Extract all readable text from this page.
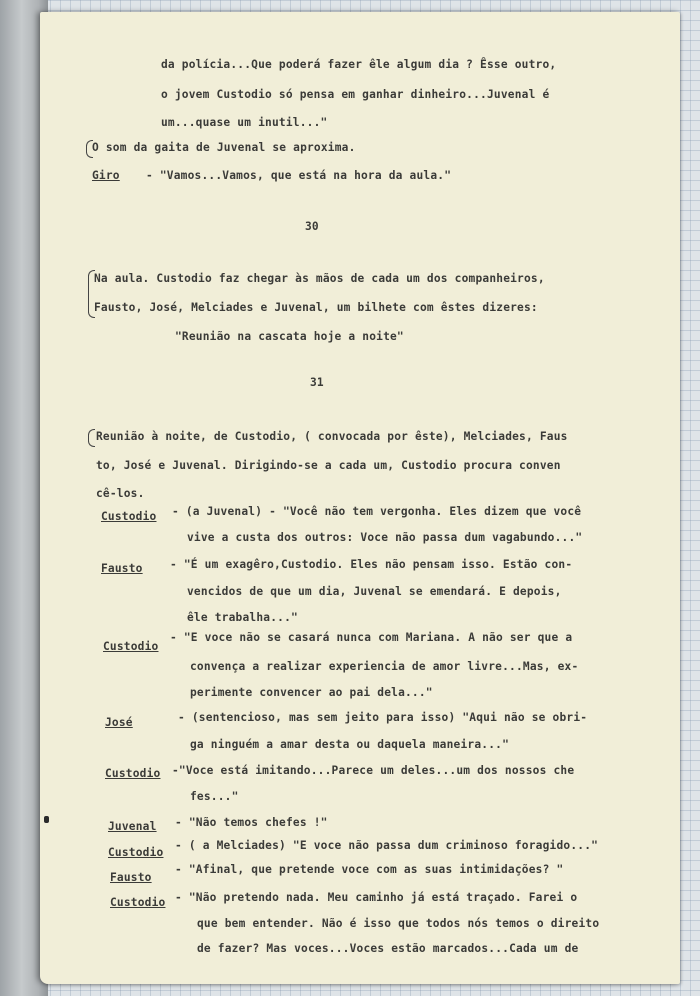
da polícia...Que poderá fazer êle algum dia ? Êsse outro,
o jovem Custodio só pensa em ganhar dinheiro...Juvenal é
um...quase um inutil..."
O som da gaita de Juvenal se aproxima.
Giro - "Vamos...Vamos, que está na hora da aula."
30
Na aula. Custodio faz chegar às mãos de cada um dos companheiros,
Fausto, José, Melciades e Juvenal, um bilhete com êstes dizeres:
"Reunião na cascata hoje a noite"
31
Reunião à noite, de Custodio, ( convocada por êste), Melciades, Faus
to, José e Juvenal. Dirigindo-se a cada um, Custodio procura conven
cê-los.
Custodio - (a Juvenal) - "Você não tem vergonha. Eles dizem que você
vive a custa dos outros: Voce não passa dum vagabundo..."
Fausto - "É um exagêro,Custodio. Eles não pensam isso. Estão con-
vencidos de que um dia, Juvenal se emendará. E depois,
êle trabalha..."
Custodio
- "E voce não se casará nunca com Mariana. A não ser que a
convença a realizar experiencia de amor livre...Mas, ex-
perimente convencer ao pai dela..."
José	- (sentencioso, mas sem jeito para isso) "Aqui não se obri-
ga ninguém a amar desta ou daquela maneira..."
Custodio -"Voce está imitando...Parece um deles...um dos nossos che
fes..."
Juvenal - "Não temos chefes !"
Custodio
- ( a Melciades) "E voce não passa dum criminoso foragido..."
Fausto
- "Afinal, que pretende voce com as suas intimidações? "
Custodio - "Não pretendo nada. Meu caminho já está traçado. Farei o
que bem entender. Não é isso que todos nós temos o direito
de fazer? Mas voces...Voces estão marcados...Cada um de
